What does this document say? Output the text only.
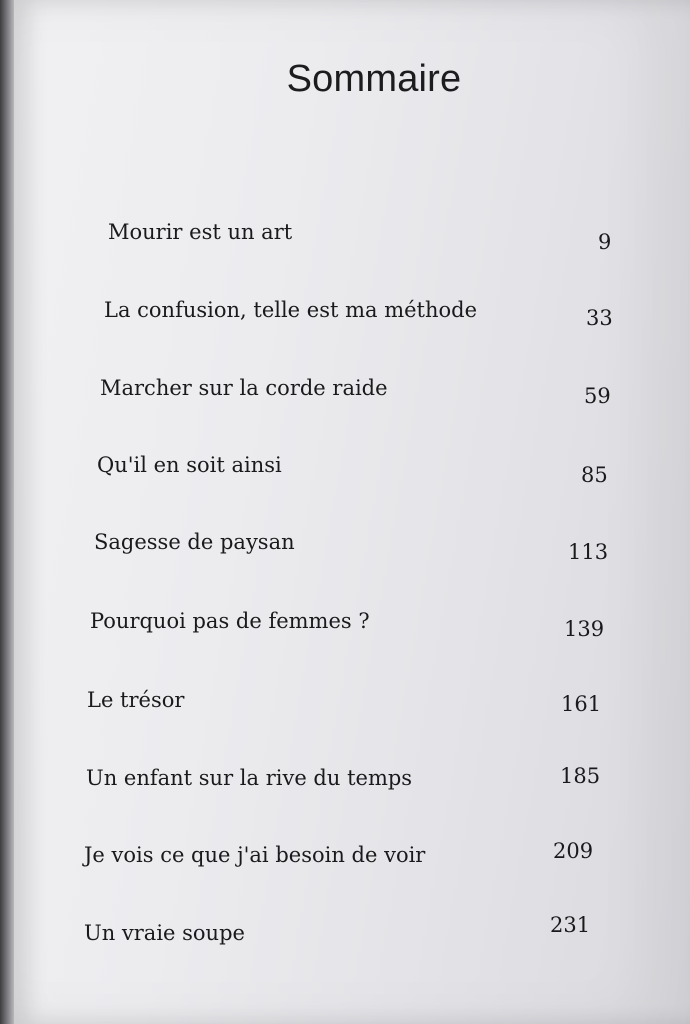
Sommaire
Mourir est un art	9
La confusion, telle est ma méthode	33
Marcher sur la corde raide	59
Qu'il en soit ainsi	85
Sagesse de paysan	113
Pourquoi pas de femmes ?	139
Le trésor	161
Un enfant sur la rive du temps	185
Je vois ce que j'ai besoin de voir	209
Un vraie soupe	231
